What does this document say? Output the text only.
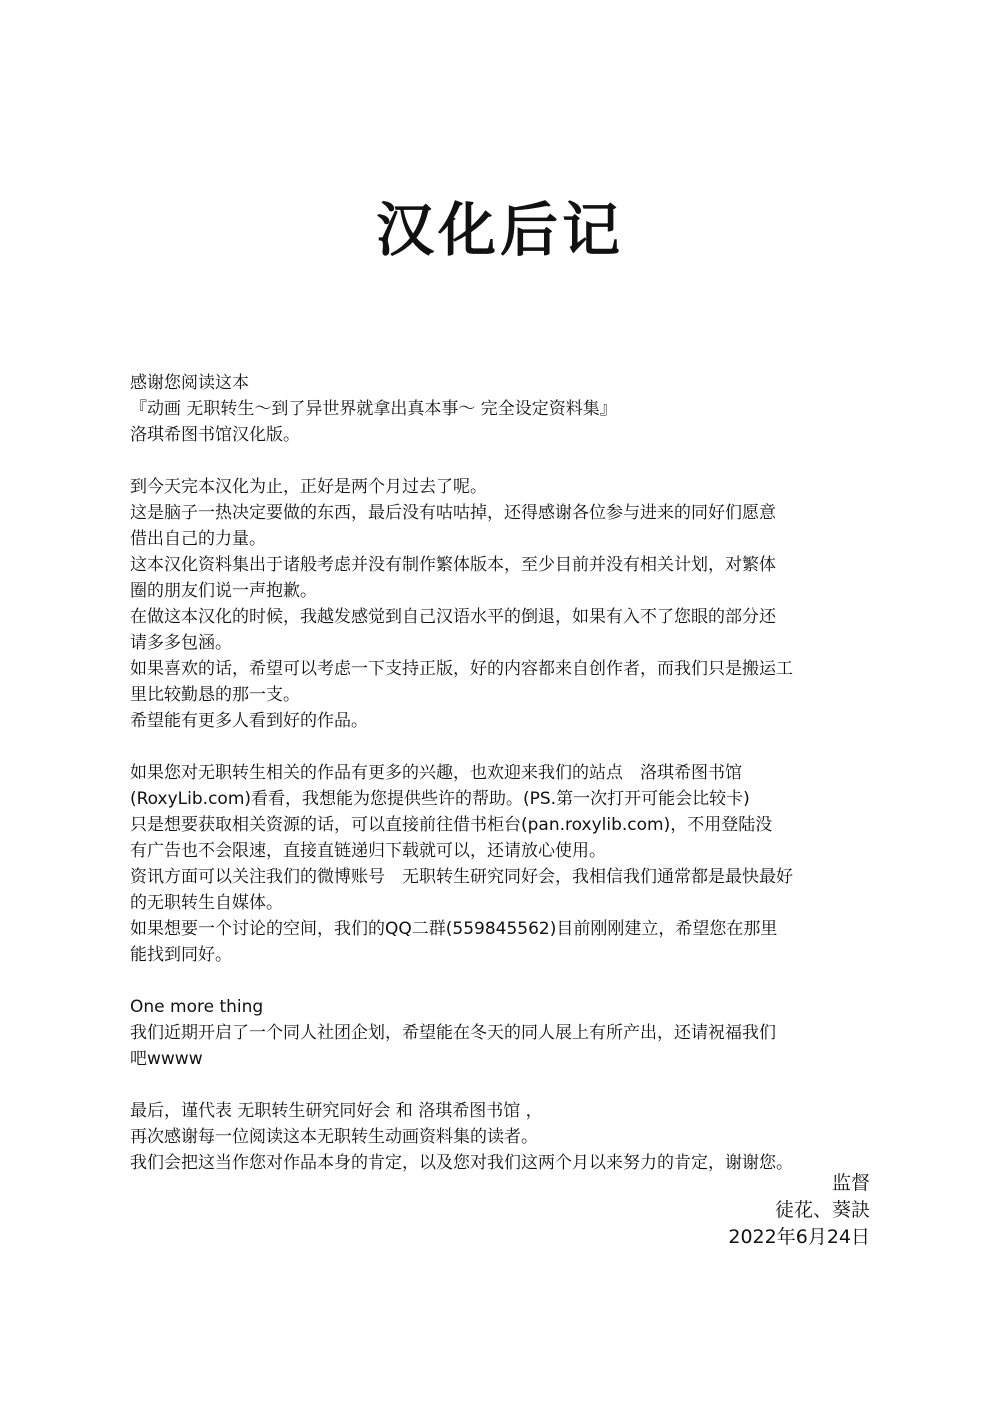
汉化后记
感谢您阅读这本
『动画 无职转生～到了异世界就拿出真本事～ 完全设定资料集』
洛琪希图书馆汉化版。
到今天完本汉化为止，正好是两个月过去了呢。
这是脑子一热决定要做的东西，最后没有咕咕掉，还得感谢各位参与进来的同好们愿意
借出自己的力量。
这本汉化资料集出于诸般考虑并没有制作繁体版本，至少目前并没有相关计划，对繁体
圈的朋友们说一声抱歉。
在做这本汉化的时候，我越发感觉到自己汉语水平的倒退，如果有入不了您眼的部分还
请多多包涵。
如果喜欢的话，希望可以考虑一下支持正版，好的内容都来自创作者，而我们只是搬运工
里比较勤恳的那一支。
希望能有更多人看到好的作品。
如果您对无职转生相关的作品有更多的兴趣，也欢迎来我们的站点　洛琪希图书馆
(RoxyLib.com)看看，我想能为您提供些许的帮助。(PS.第一次打开可能会比较卡)
只是想要获取相关资源的话，可以直接前往借书柜台(pan.roxylib.com)，不用登陆没
有广告也不会限速，直接直链递归下载就可以，还请放心使用。
资讯方面可以关注我们的微博账号　无职转生研究同好会，我相信我们通常都是最快最好
的无职转生自媒体。
如果想要一个讨论的空间，我们的QQ二群(559845562)目前刚刚建立，希望您在那里
能找到同好。
One more thing
我们近期开启了一个同人社团企划，希望能在冬天的同人展上有所产出，还请祝福我们
吧wwww
最后，谨代表 无职转生研究同好会 和 洛琪希图书馆 ，
再次感谢每一位阅读这本无职转生动画资料集的读者。
我们会把这当作您对作品本身的肯定，以及您对我们这两个月以来努力的肯定，谢谢您。
监督
徒花、葵訣
2022年6月24日
